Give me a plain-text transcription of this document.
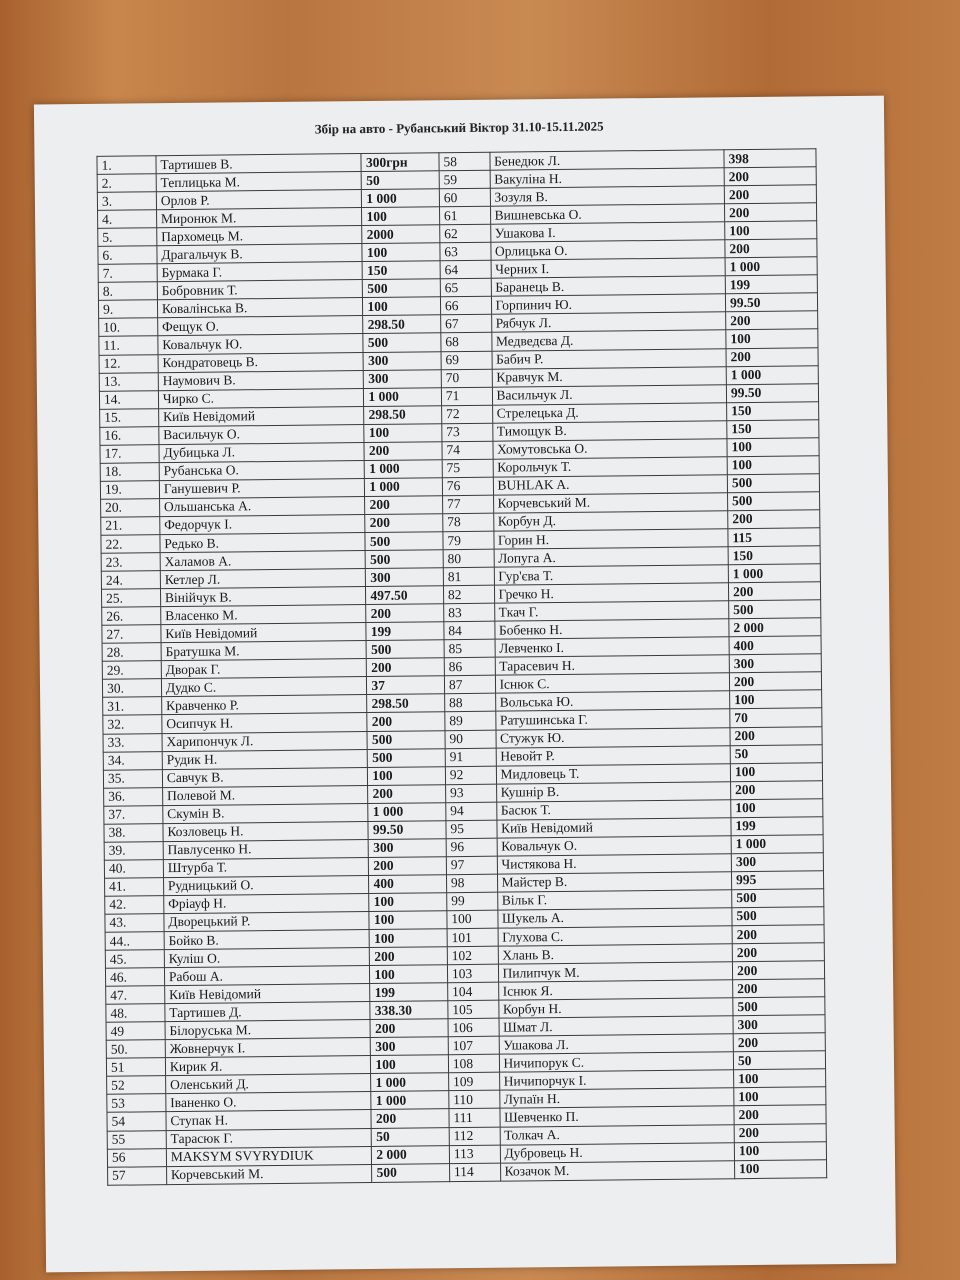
Збір на авто - Рубанський Віктор 31.10-15.11.2025
1.	Тартишев В.	300грн	58	Бенедюк Л.	398
2.	Теплицька М.	50	59	Вакуліна Н.	200
3.	Орлов Р.	1 000	60	Зозуля В.	200
4.	Миронюк М.	100	61	Вишневська О.	200
5.	Пархомець М.	2000	62	Ушакова І.	100
6.	Драгальчук В.	100	63	Орлицька О.	200
7.	Бурмака Г.	150	64	Черних І.	1 000
8.	Бобровник Т.	500	65	Баранець В.	199
9.	Ковалінська В.	100	66	Горпинич Ю.	99.50
10.	Фещук О.	298.50	67	Рябчук Л.	200
11.	Ковальчук Ю.	500	68	Медведєва Д.	100
12.	Кондратовець В.	300	69	Бабич Р.	200
13.	Наумович В.	300	70	Кравчук М.	1 000
14.	Чирко С.	1 000	71	Васильчук Л.	99.50
15.	Київ Невідомий	298.50	72	Стрелецька Д.	150
16.	Васильчук О.	100	73	Тимощук В.	150
17.	Дубицька Л.	200	74	Хомутовська О.	100
18.	Рубанська О.	1 000	75	Корольчук Т.	100
19.	Ганушевич Р.	1 000	76	BUHLAK A.	500
20.	Ольшанська А.	200	77	Корчевський М.	500
21.	Федорчук І.	200	78	Корбун Д.	200
22.	Редько В.	500	79	Горин Н.	115
23.	Халамов А.	500	80	Лопуга А.	150
24.	Кетлер Л.	300	81	Гур'єва Т.	1 000
25.	Вінійчук В.	497.50	82	Гречко Н.	200
26.	Власенко М.	200	83	Ткач Г.	500
27.	Київ Невідомий	199	84	Бобенко Н.	2 000
28.	Братушка М.	500	85	Левченко І.	400
29.	Дворак Г.	200	86	Тарасевич Н.	300
30.	Дудко С.	37	87	Існюк С.	200
31.	Кравченко Р.	298.50	88	Вольська Ю.	100
32.	Осипчук Н.	200	89	Ратушинська Г.	70
33.	Харипончук Л.	500	90	Стужук Ю.	200
34.	Рудик Н.	500	91	Невойт Р.	50
35.	Савчук В.	100	92	Мидловець Т.	100
36.	Полевой М.	200	93	Кушнір В.	200
37.	Скумін В.	1 000	94	Басюк Т.	100
38.	Козловець Н.	99.50	95	Київ Невідомий	199
39.	Павлусенко Н.	300	96	Ковальчук О.	1 000
40.	Штурба Т.	200	97	Чистякова Н.	300
41.	Рудницький О.	400	98	Майстер В.	995
42.	Фріауф Н.	100	99	Вільк Г.	500
43.	Дворецький Р.	100	100	Шукель А.	500
44..	Бойко В.	100	101	Глухова С.	200
45.	Куліш О.	200	102	Хлань В.	200
46.	Рабош А.	100	103	Пилипчук М.	200
47.	Київ Невідомий	199	104	Існюк Я.	200
48.	Тартишев Д.	338.30	105	Корбун Н.	500
49	Білоруська М.	200	106	Шмат Л.	300
50.	Жовнерчук І.	300	107	Ушакова Л.	200
51	Кирик Я.	100	108	Ничипорук С.	50
52	Оленський Д.	1 000	109	Ничипорчук І.	100
53	Іваненко О.	1 000	110	Лупаїн Н.	100
54	Ступак Н.	200	111	Шевченко П.	200
55	Тарасюк Г.	50	112	Толкач А.	200
56	MAKSYM SVYRYDIUK	2 000	113	Дубровець Н.	100
57	Корчевський М.	500	114	Козачок М.	100
